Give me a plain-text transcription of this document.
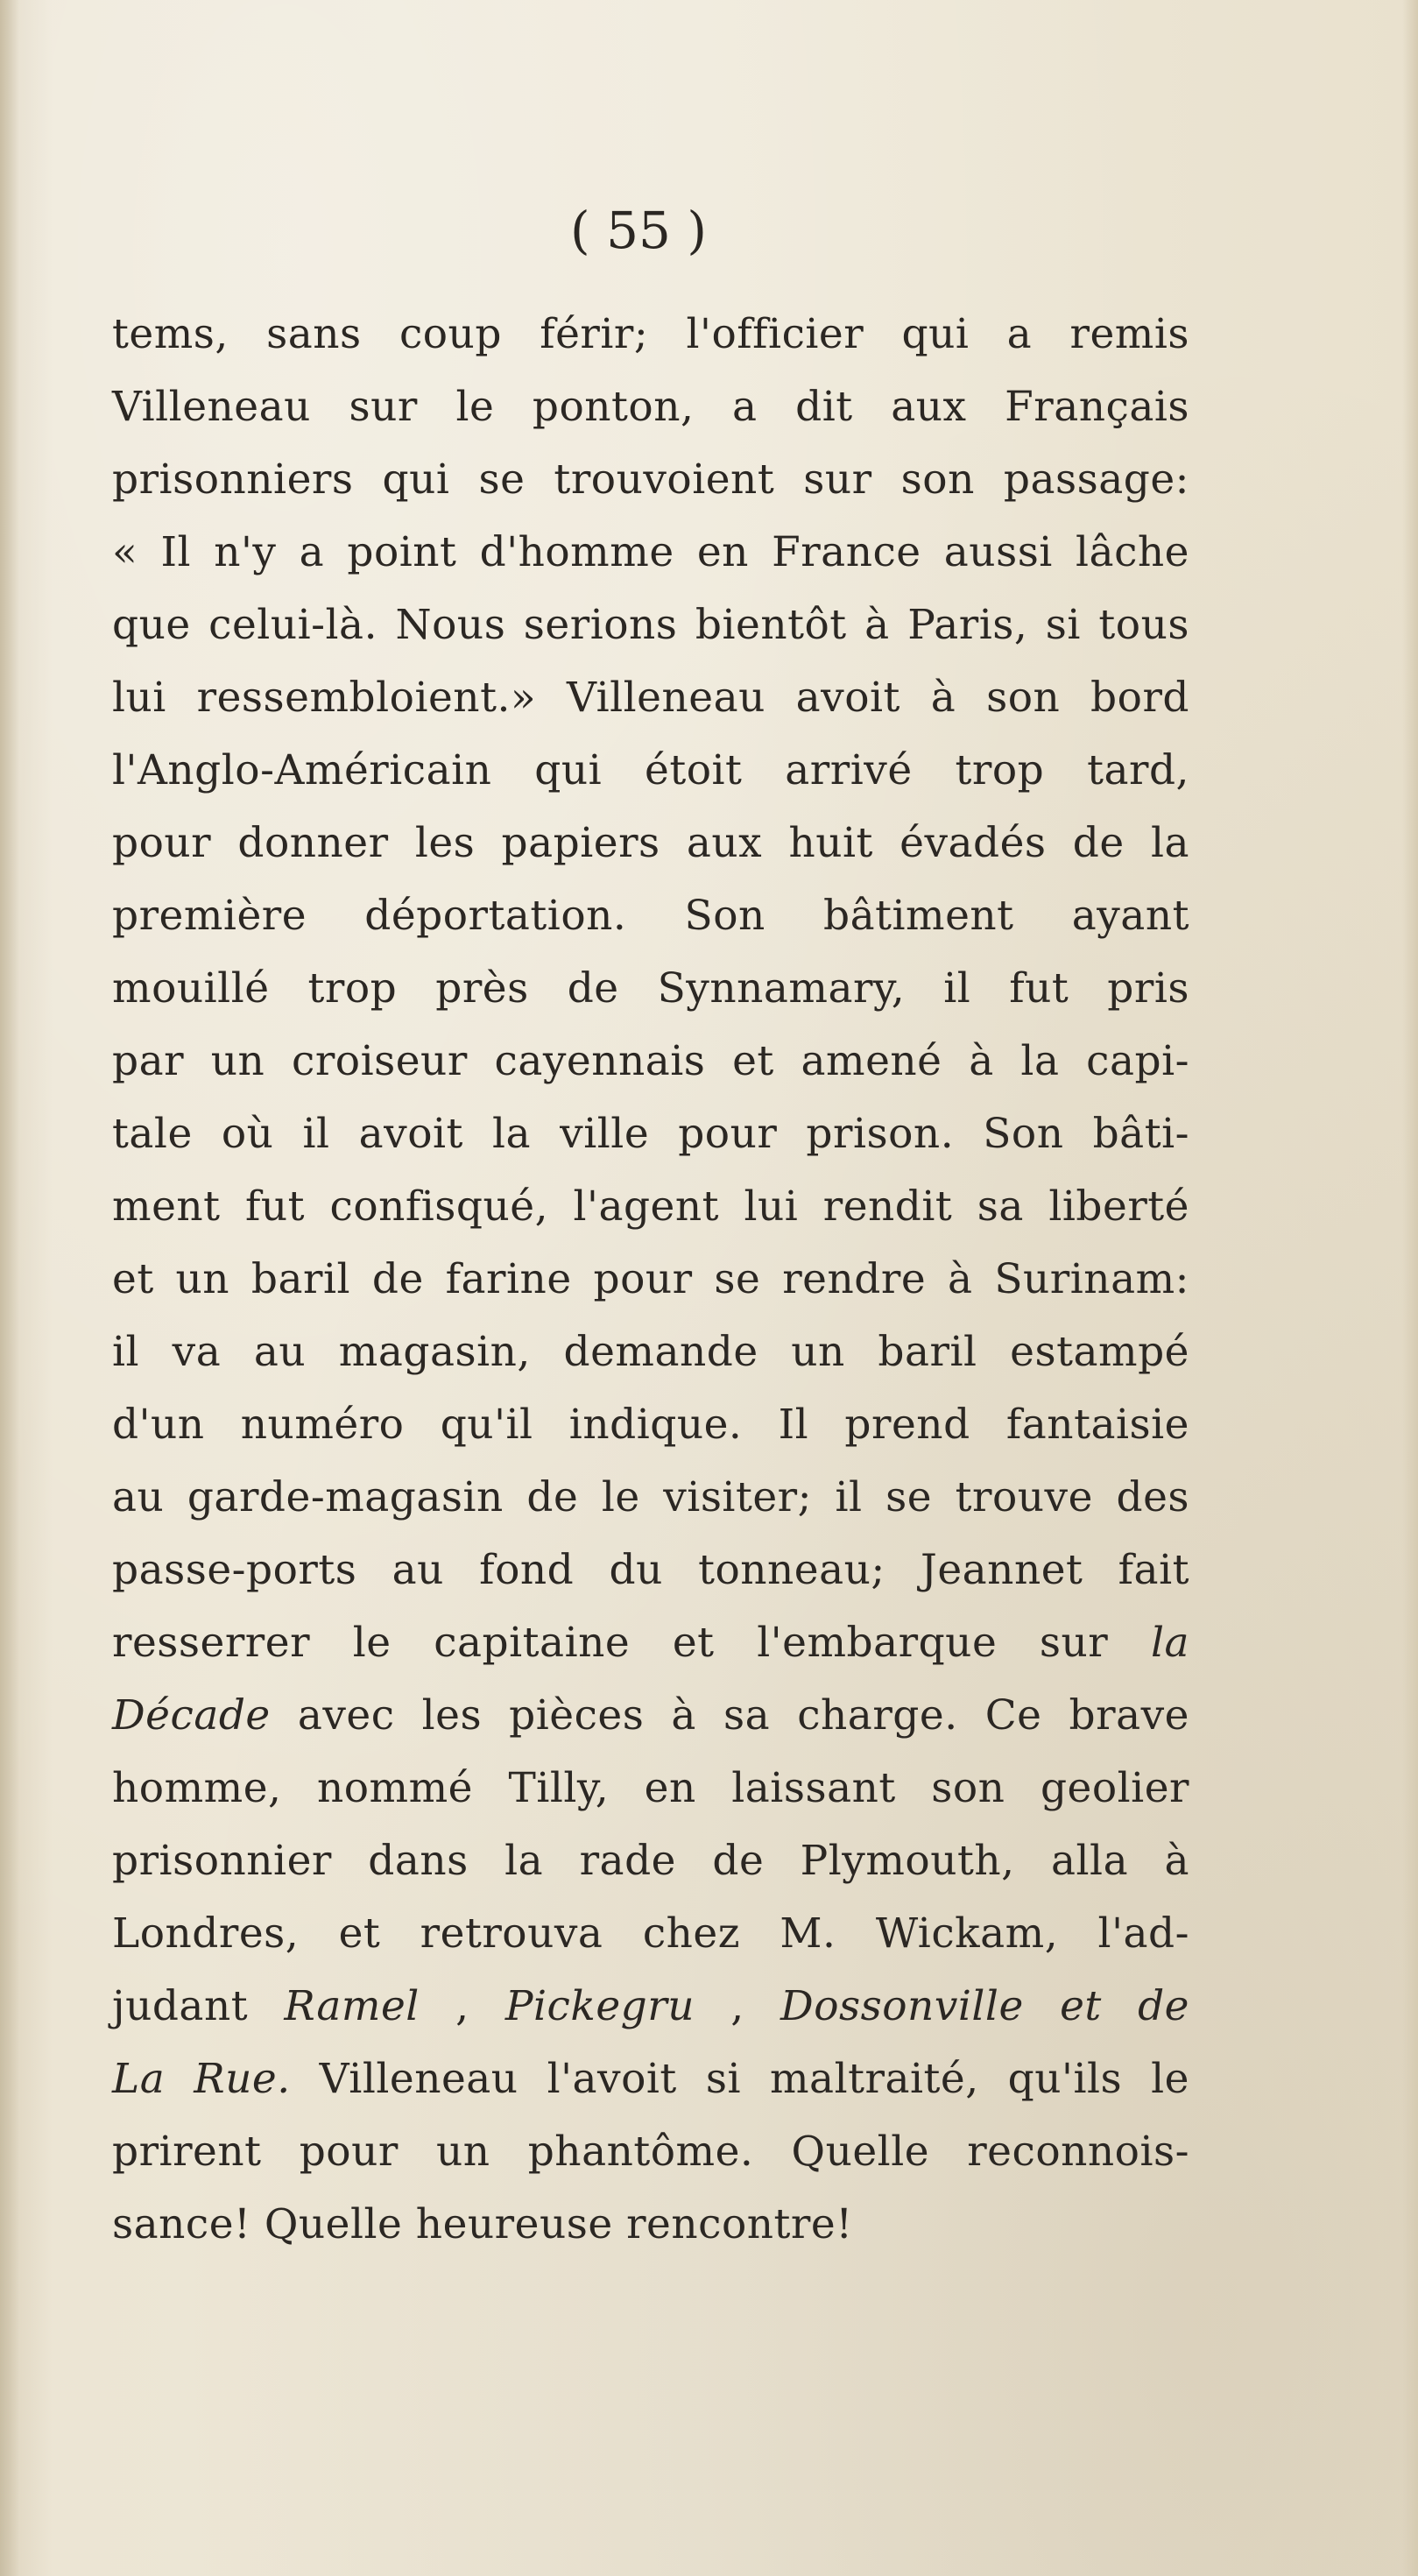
( 55 )

tems, sans coup férir; l'officier qui a remis
Villeneau sur le ponton, a dit aux Français
prisonniers qui se trouvoient sur son passage:
« Il n'y a point d'homme en France aussi lâche
que celui-là. Nous serions bientôt à Paris, si tous
lui ressembloient.» Villeneau avoit à son bord
l'Anglo-Américain qui étoit arrivé trop tard,
pour donner les papiers aux huit évadés de la
première déportation. Son bâtiment ayant
mouillé trop près de Synnamary, il fut pris
par un croiseur cayennais et amené à la capi-
tale où il avoit la ville pour prison. Son bâti-
ment fut confisqué, l'agent lui rendit sa liberté
et un baril de farine pour se rendre à Surinam:
il va au magasin, demande un baril estampé
d'un numéro qu'il indique. Il prend fantaisie
au garde-magasin de le visiter; il se trouve des
passe-ports au fond du tonneau; Jeannet fait
resserrer le capitaine et l'embarque sur la
Décade avec les pièces à sa charge. Ce brave
homme, nommé Tilly, en laissant son geolier
prisonnier dans la rade de Plymouth, alla à
Londres, et retrouva chez M. Wickam, l'ad-
judant Ramel , Pickegru , Dossonville et de
La Rue. Villeneau l'avoit si maltraité, qu'ils le
prirent pour un phantôme. Quelle reconnois-
sance! Quelle heureuse rencontre!
